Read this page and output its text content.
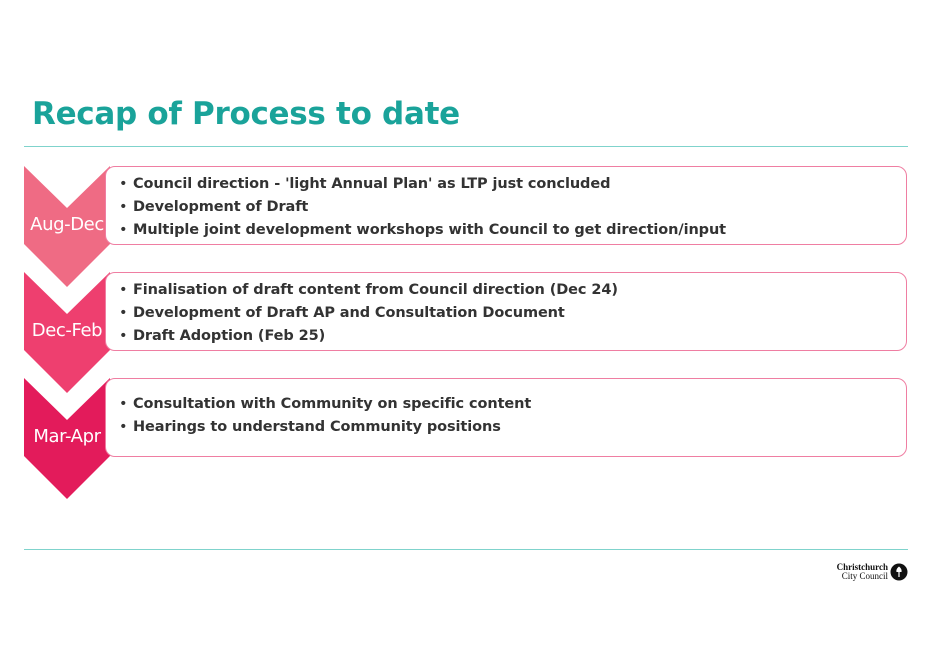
Recap of Process to date
Aug-Dec
• Council direction - 'light Annual Plan' as LTP just concluded
• Development of Draft
• Multiple joint development workshops with Council to get direction/input
Dec-Feb
• Finalisation of draft content from Council direction (Dec 24)
• Development of Draft AP and Consultation Document
• Draft Adoption (Feb 25)
Mar-Apr
• Consultation with Community on specific content
• Hearings to understand Community positions
Christchurch
City Council
